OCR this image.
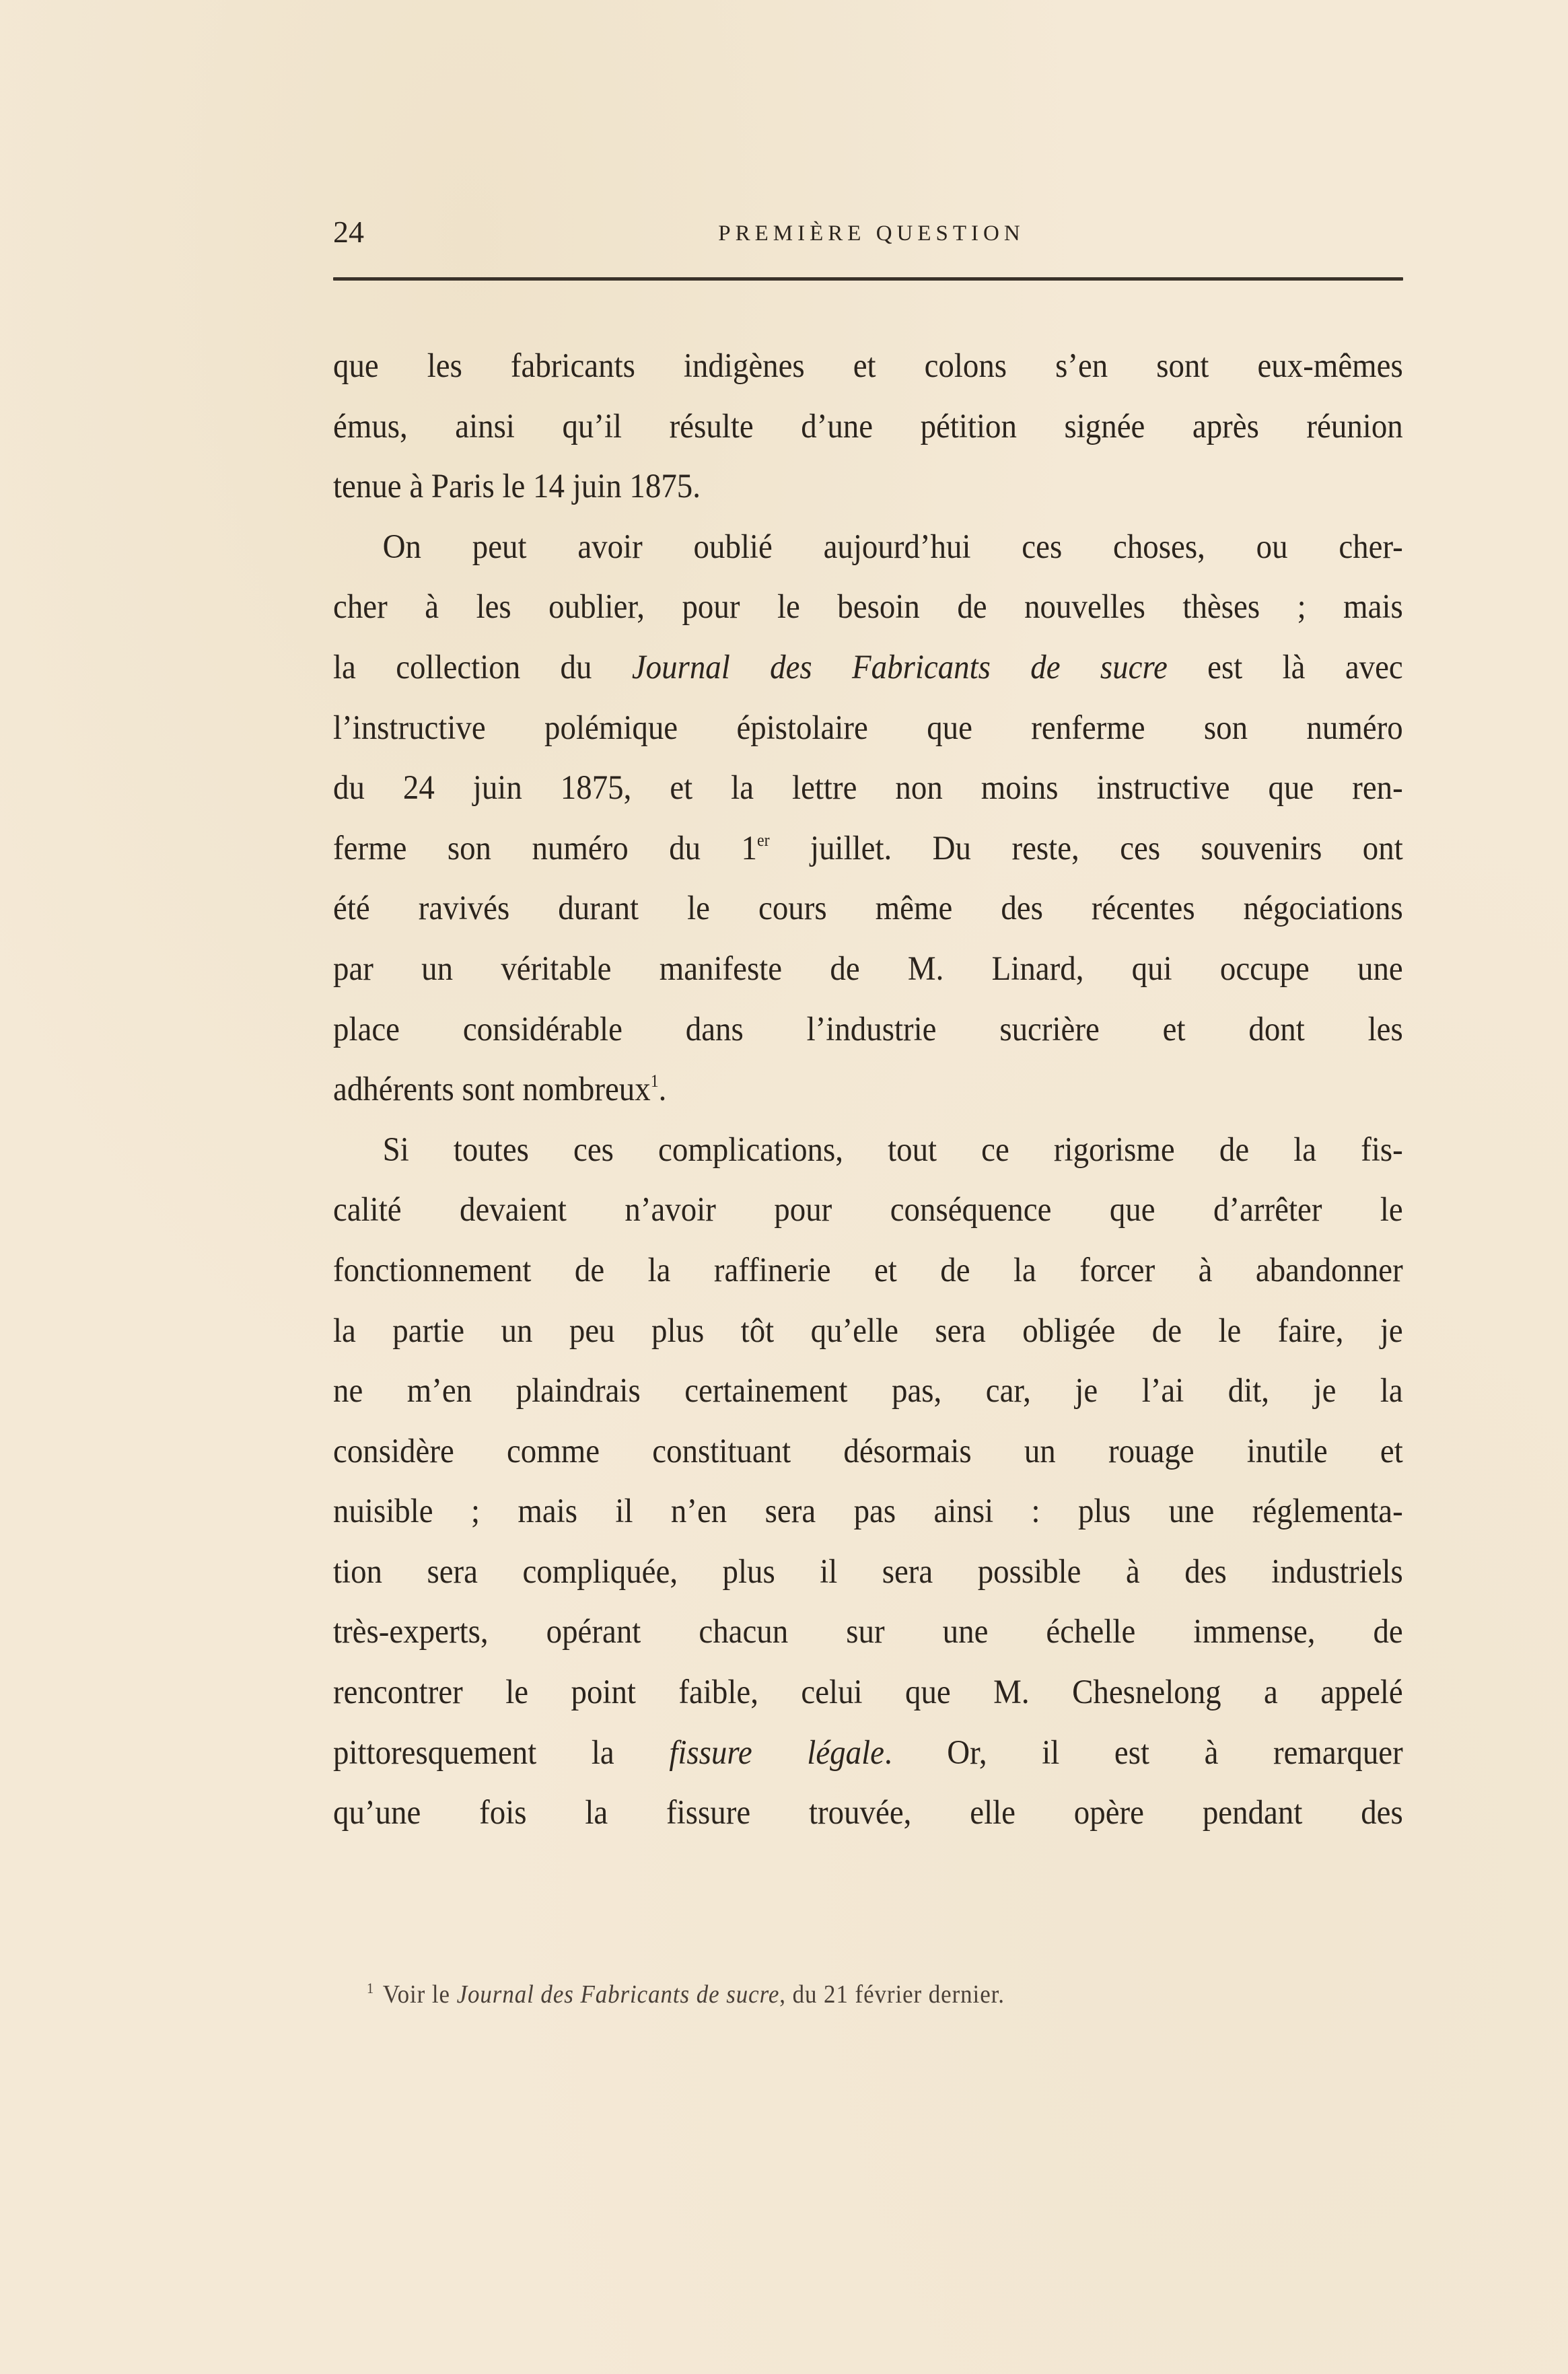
24	PREMIÈRE QUESTION
que les fabricants indigènes et colons s’en sont eux-mêmes
émus, ainsi qu’il résulte d’une pétition signée après réunion
tenue à Paris le 14 juin 1875.
On peut avoir oublié aujourd’hui ces choses, ou cher-
cher à les oublier, pour le besoin de nouvelles thèses ; mais
la collection du Journal des Fabricants de sucre est là avec
l’instructive polémique épistolaire que renferme son numéro
du 24 juin 1875, et la lettre non moins instructive que ren-
ferme son numéro du 1er juillet. Du reste, ces souvenirs ont
été ravivés durant le cours même des récentes négociations
par un véritable manifeste de M. Linard, qui occupe une
place considérable dans l’industrie sucrière et dont les
adhérents sont nombreux$^1$.
Si toutes ces complications, tout ce rigorisme de la fis-
calité devaient n’avoir pour conséquence que d’arrêter le
fonctionnement de la raffinerie et de la forcer à abandonner
la partie un peu plus tôt qu’elle sera obligée de le faire, je
ne m’en plaindrais certainement pas, car, je l’ai dit, je la
considère comme constituant désormais un rouage inutile et
nuisible ; mais il n’en sera pas ainsi : plus une réglementa-
tion sera compliquée, plus il sera possible à des industriels
très-experts, opérant chacun sur une échelle immense, de
rencontrer le point faible, celui que M. Chesnelong a appelé
pittoresquement la fissure légale. Or, il est à remarquer
qu’une fois la fissure trouvée, elle opère pendant des
$^1$ Voir le Journal des Fabricants de sucre, du 21 février dernier.
